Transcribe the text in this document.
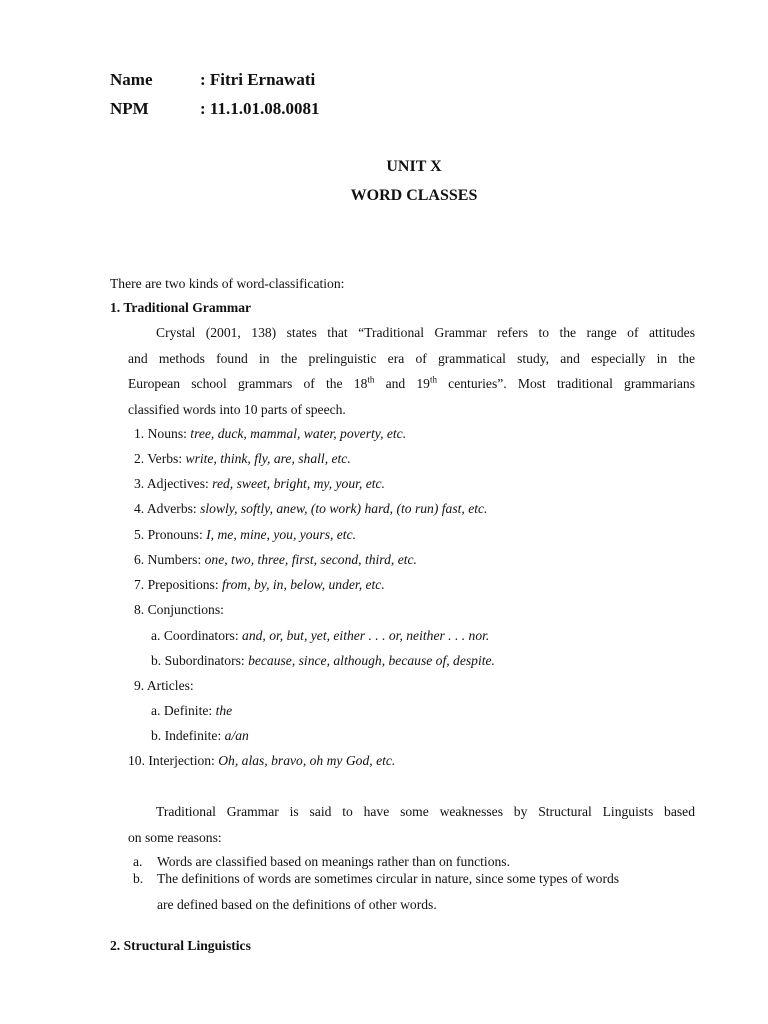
Name	: Fitri Ernawati
NPM	: 11.1.01.08.0081
UNIT X
WORD CLASSES
There are two kinds of word-classification:
1. Traditional Grammar
Crystal (2001, 138) states that “Traditional Grammar refers to the range of attitudes
and methods found in the prelinguistic era of grammatical study, and especially in the
European school grammars of the 18th and 19th centuries”. Most traditional grammarians
classified words into 10 parts of speech.
1. Nouns: tree, duck, mammal, water, poverty, etc.
2. Verbs: write, think, fly, are, shall, etc.
3. Adjectives: red, sweet, bright, my, your, etc.
4. Adverbs: slowly, softly, anew, (to work) hard, (to run) fast, etc.
5. Pronouns: I, me, mine, you, yours, etc.
6. Numbers: one, two, three, first, second, third, etc.
7. Prepositions: from, by, in, below, under, etc.
8. Conjunctions:
a. Coordinators: and, or, but, yet, either . . . or, neither . . . nor.
b. Subordinators: because, since, although, because of, despite.
9. Articles:
a. Definite: the
b. Indefinite: a/an
10. Interjection: Oh, alas, bravo, oh my God, etc.
Traditional Grammar is said to have some weaknesses by Structural Linguists based
on some reasons:
a. Words are classified based on meanings rather than on functions.
b. The definitions of words are sometimes circular in nature, since some types of words
are defined based on the definitions of other words.
2. Structural Linguistics
